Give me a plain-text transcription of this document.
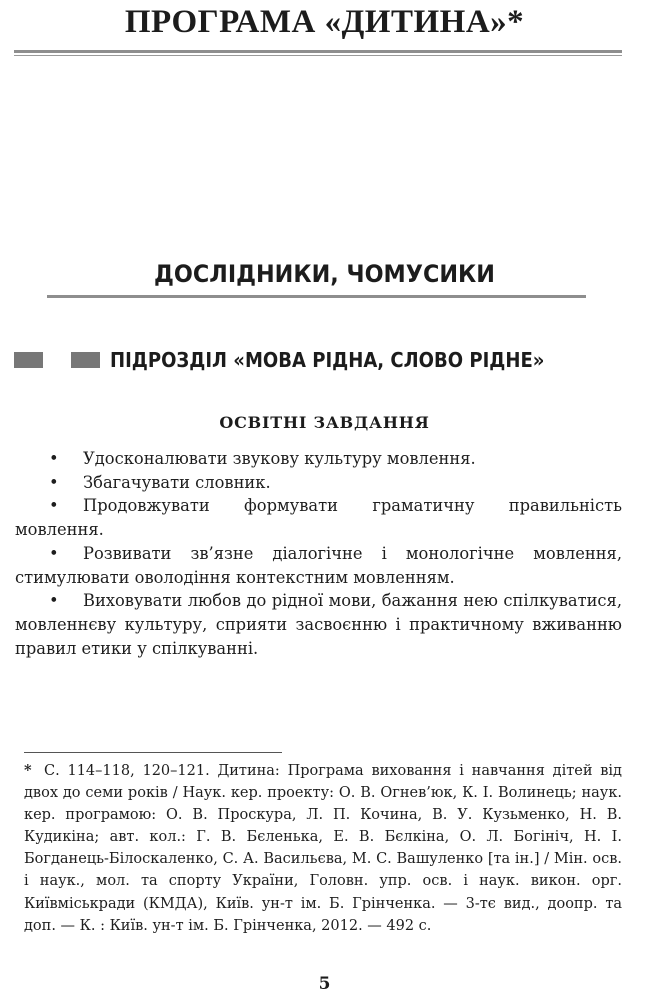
ПРОГРАМА «ДИТИНА»*
ДОСЛІДНИКИ, ЧОМУСИКИ
ПІДРОЗДІЛ «МОВА РІДНА, СЛОВО РІДНЕ»
ОСВІТНІ ЗАВДАННЯ

• Удосконалювати звукову культуру мовлення.

• Збагачувати словник.

• Продовжувати формувати граматичну правильність мовлення.

• Розвивати зв’язне діалогічне і монологічне мовлення, стимулювати оволодіння контекстним мовленням.

• Виховувати любов до рідної мови, бажання нею спілкуватися, мовленнєву культуру, сприяти засвоєнню і практичному вживанню правил етики у спілкуванні.

* С. 114–118, 120–121. Дитина: Програма виховання і навчання дітей від двох до семи років / Наук. кер. проекту: О. В. Огнев’юк, К. І. Волинець; наук. кер. програмою: О. В. Проскура, Л. П. Кочина, В. У. Кузьменко, Н. В. Кудикіна; авт. кол.: Г. В. Бєленька, Е. В. Бєлкіна, О. Л. Богініч, Н. І. Богданець-Білоскаленко, С. А. Васильєва, М. С. Вашуленко [та ін.] / Мін. осв. і наук., мол. та спорту України, Головн. упр. осв. і наук. викон. орг. Київміськради (КМДА), Київ. ун-т ім. Б. Грінченка. — 3-тє вид., доопр. та доп. — К. : Київ. ун-т ім. Б. Грінченка, 2012. — 492 с.
5
